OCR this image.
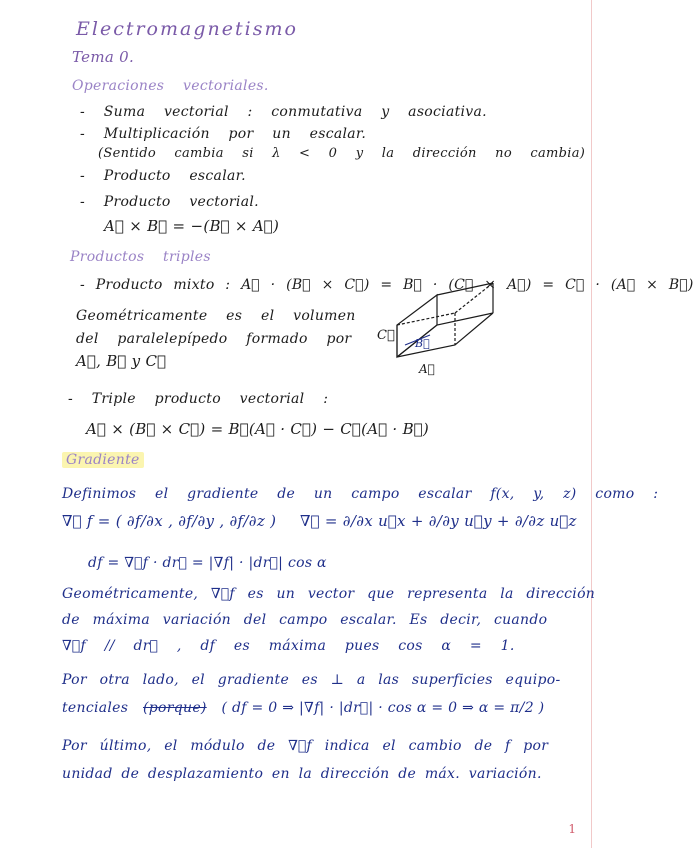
Electromagnetismo
Tema 0.
Operaciones vectoriales.
- Suma vectorial : conmutativa y asociativa.
- Multiplicación por un escalar.
(Sentido cambia si λ < 0 y la dirección no cambia)
- Producto escalar.
- Producto vectorial.
A⃗ × B⃗ = −(B⃗ × A⃗)
Productos triples
- Producto mixto : A⃗ · (B⃗ × C⃗) = B⃗ · (C⃗ × A⃗) = C⃗ · (A⃗ × B⃗)
Geométricamente es el volumen
del paralelepípedo formado por
A⃗, B⃗ y C⃗
C⃗
B⃗
A⃗
- Triple producto vectorial :
A⃗ × (B⃗ × C⃗) = B⃗(A⃗ · C⃗) − C⃗(A⃗ · B⃗)
Gradiente
Definimos el gradiente de un campo escalar f(x, y, z) como :
∇⃗ f = ( ∂f/∂x , ∂f/∂y , ∂f/∂z ) ∇⃗ = ∂/∂x u⃗x + ∂/∂y u⃗y + ∂/∂z u⃗z
df = ∇⃗f · dr⃗ = |∇f| · |dr⃗| cos α
Geométricamente, ∇⃗f es un vector que representa la dirección
de máxima variación del campo escalar. Es decir, cuando
∇⃗f // dr⃗ , df es máxima pues cos α = 1.
Por otra lado, el gradiente es ⊥ a las superficies equipo-
tenciales (porque) ( df = 0 ⇒ |∇f| · |dr⃗| · cos α = 0 ⇒ α = π/2 )
Por último, el módulo de ∇⃗f indica el cambio de f por
unidad de desplazamiento en la dirección de máx. variación.
1
